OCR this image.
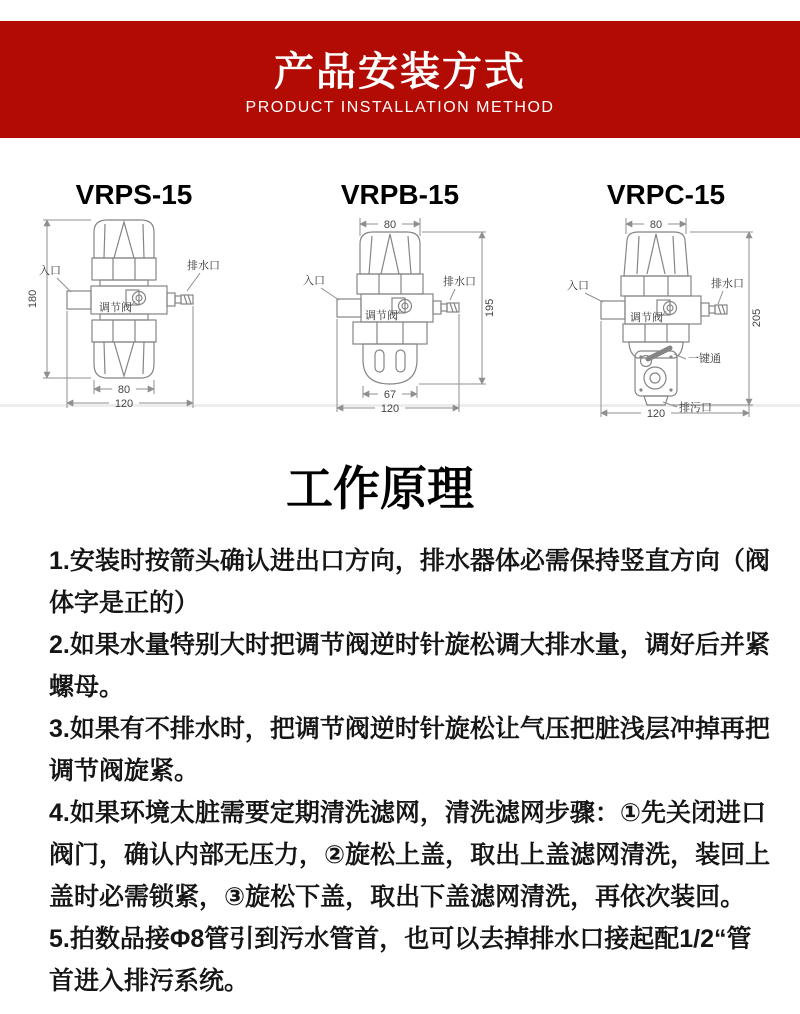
产品安装方式
PRODUCT INSTALLATION METHOD
VRPS-15
180
80
120
入口	排水口
调节阀
VRPB-15
80
195
67
120
入口	排水口
调节阀
VRPC-15
80
205
120
入口	排水口
调节阀
一键通
排污口
工作原理
1.安装时按箭头确认进出口方向，排水器体必需保持竖直方向（阀
体字是正的）
2.如果水量特别大时把调节阀逆时针旋松调大排水量，调好后并紧
螺母。
3.如果有不排水时，把调节阀逆时针旋松让气压把脏浅层冲掉再把
调节阀旋紧。
4.如果环境太脏需要定期清洗滤网，清洗滤网步骤：①先关闭进口
阀门，确认内部无压力，②旋松上盖，取出上盖滤网清洗，装回上
盖时必需锁紧，③旋松下盖，取出下盖滤网清洗，再依次装回。
5.拍数品接Φ8管引到污水管首，也可以去掉排水口接起配1/2“管
首进入排污系统。
